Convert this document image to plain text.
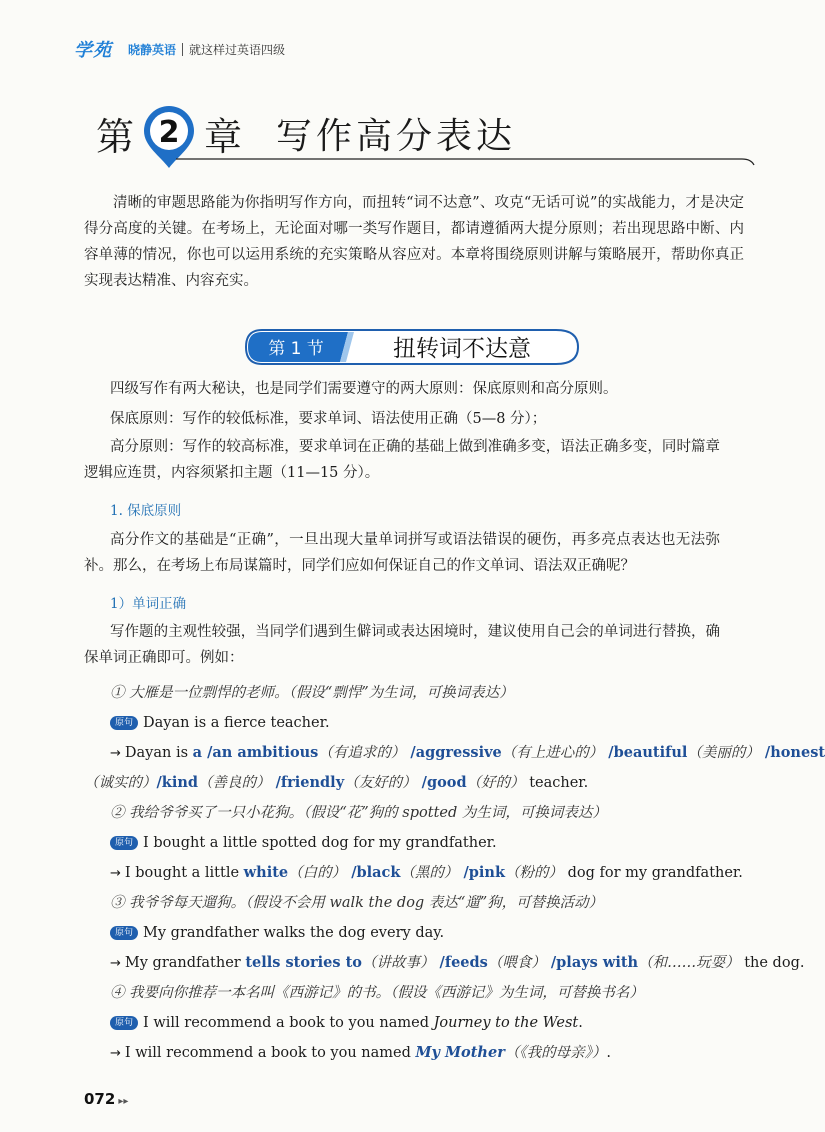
学苑	晓静英语 就这样过英语四级
第 2 章 写作高分表达
清晰的审题思路能为你指明写作方向，而扭转“词不达意”、攻克“无话可说”的实战能力，才是决定得分高度的关键。在考场上，无论面对哪一类写作题目，都请遵循两大提分原则；若出现思路中断、内容单薄的情况，你也可以运用系统的充实策略从容应对。本章将围绕原则讲解与策略展开，帮助你真正实现表达精准、内容充实。
第 1 节	扭转词不达意
四级写作有两大秘诀，也是同学们需要遵守的两大原则：保底原则和高分原则。
保底原则：写作的较低标准，要求单词、语法使用正确（5—8 分）；
高分原则：写作的较高标准，要求单词在正确的基础上做到准确多变，语法正确多变，同时篇章逻辑应连贯，内容须紧扣主题（11—15 分）。
1. 保底原则
高分作文的基础是“正确”，一旦出现大量单词拼写或语法错误的硬伤，再多亮点表达也无法弥补。那么，在考场上布局谋篇时，同学们应如何保证自己的作文单词、语法双正确呢？
1）单词正确
写作题的主观性较强，当同学们遇到生僻词或表达困境时，建议使用自己会的单词进行替换，确保单词正确即可。例如：
① 大雁是一位剽悍的老师。（假设“剽悍”为生词，可换词表达）
原句 Dayan is a fierce teacher.
→ Dayan is a /an ambitious（有追求的） /aggressive（有上进心的） /beautiful（美丽的） /honest
（诚实的）/kind（善良的） /friendly（友好的） /good（好的） teacher.
② 我给爷爷买了一只小花狗。（假设“花”狗的 spotted 为生词，可换词表达）
原句 I bought a little spotted dog for my grandfather.
→ I bought a little white（白的） /black（黑的） /pink（粉的） dog for my grandfather.
③ 我爷爷每天遛狗。（假设不会用 walk the dog 表达“遛”狗，可替换活动）
原句 My grandfather walks the dog every day.
→ My grandfather tells stories to（讲故事） /feeds（喂食） /plays with（和……玩耍） the dog.
④ 我要向你推荐一本名叫《西游记》的书。（假设《西游记》为生词，可替换书名）
原句 I will recommend a book to you named Journey to the West.
→ I will recommend a book to you named My Mother（《我的母亲》）.
072 ▸▸
